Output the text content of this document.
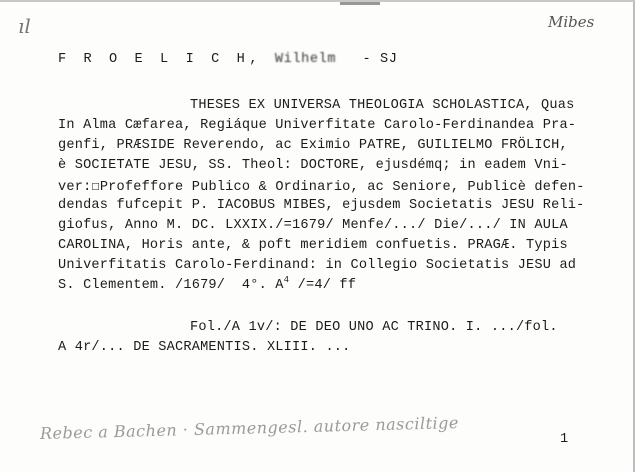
ıl	Mibes
F R O E L I C H, Wilhelm - SJ
THESES EX UNIVERSA THEOLOGIA SCHOLASTICA, Quas
In Alma Cæfarea, Regiáque Univerfitate Carolo-Ferdinandea Pra-
genfi, PRÆSIDE Reverendo, ac Eximio PATRE, GUILIELMO FRÖLICH,
è SOCIETATE JESU, SS. Theol: DOCTORE, ejusdémq; in eadem Vni-
ver:☐Profeffore Publico & Ordinario, ac Seniore, Publicè defen-
dendas fufcepit P. IACOBUS MIBES, ejusdem Societatis JESU Reli-
giofus, Anno M. DC. LXXIX./=1679/ Menfe/.../ Die/.../ IN AULA
CAROLINA, Horis ante, & poft meridiem confuetis. PRAGÆ. Typis
Univerfitatis Carolo-Ferdinand: in Collegio Societatis JESU ad
S. Clementem. /1679/  4°. $A^4$ /=4/ ff
Fol./A 1v/: DE DEO UNO AC TRINO. I. .../fol.
A 4r/... DE SACRAMENTIS. XLIII. ...
Rebec a Bachen · Sammengesl. autore nasciltige	1
